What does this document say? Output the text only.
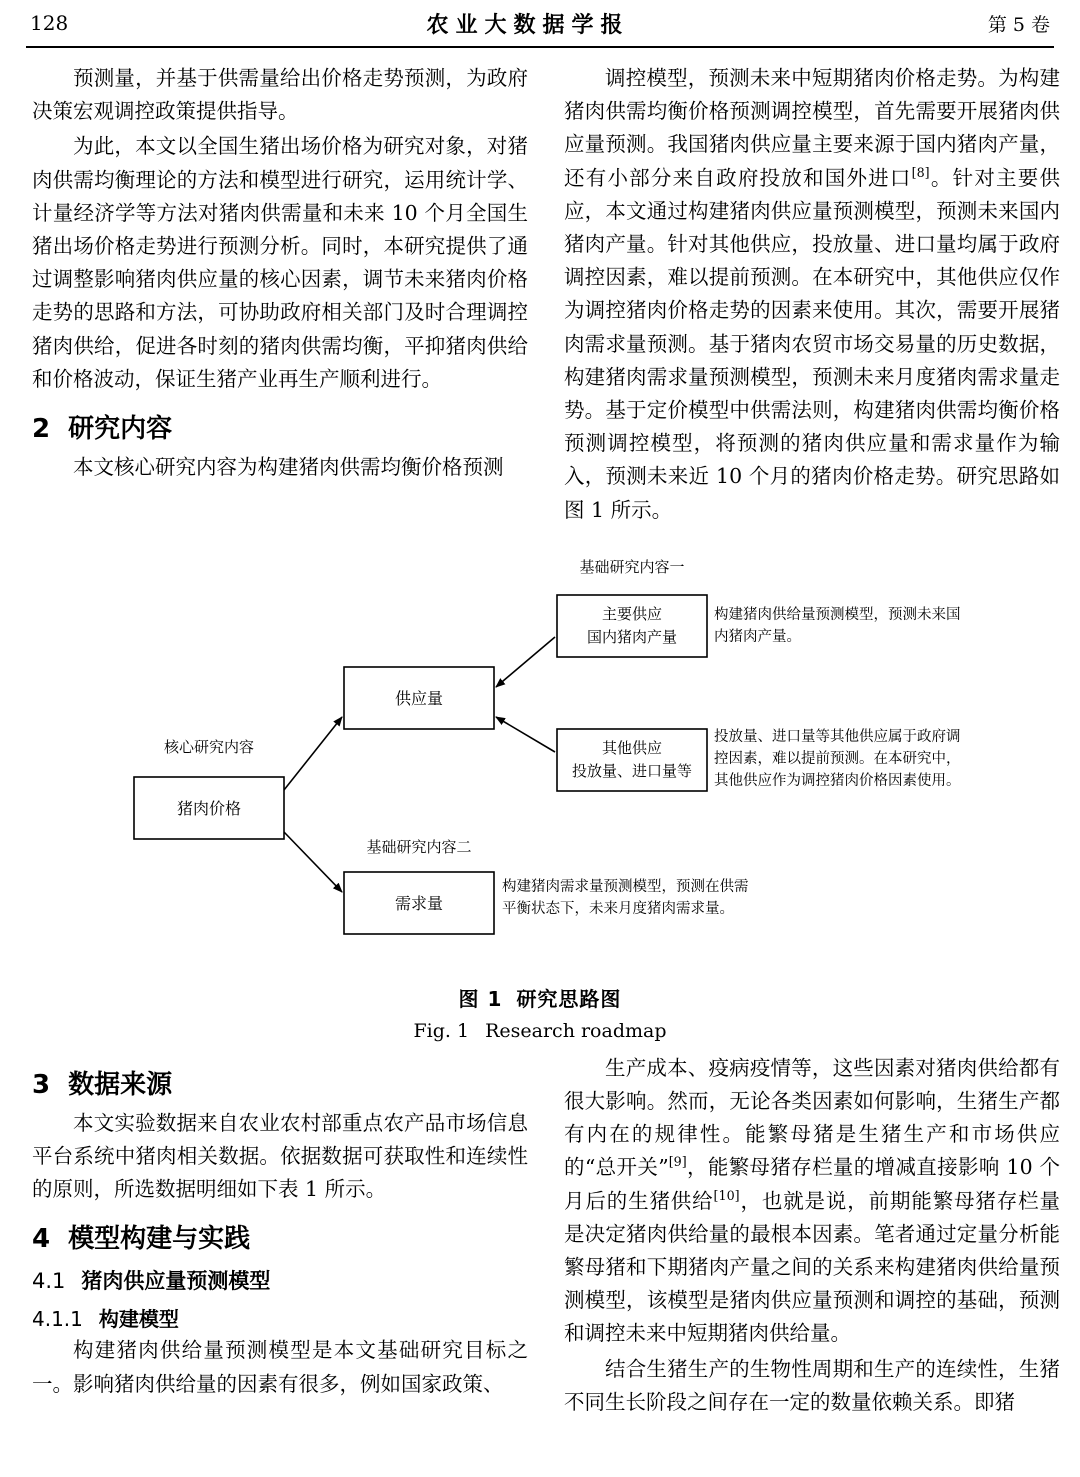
128	农业大数据学报	第 5 卷

预测量，并基于供需量给出价格走势预测，为政府决策宏观调控政策提供指导。

为此，本文以全国生猪出场价格为研究对象，对猪肉供需均衡理论的方法和模型进行研究，运用统计学、计量经济学等方法对猪肉供需量和未来 10 个月全国生猪出场价格走势进行预测分析。同时，本研究提供了通过调整影响猪肉供应量的核心因素，调节未来猪肉价格走势的思路和方法，可协助政府相关部门及时合理调控猪肉供给，促进各时刻的猪肉供需均衡，平抑猪肉供给和价格波动，保证生猪产业再生产顺利进行。

2 研究内容

本文核心研究内容为构建猪肉供需均衡价格预测

调控模型，预测未来中短期猪肉价格走势。为构建猪肉供需均衡价格预测调控模型，首先需要开展猪肉供应量预测。我国猪肉供应量主要来源于国内猪肉产量，还有小部分来自政府投放和国外进口[8]。针对主要供应，本文通过构建猪肉供应量预测模型，预测未来国内猪肉产量。针对其他供应，投放量、进口量均属于政府调控因素，难以提前预测。在本研究中，其他供应仅作为调控猪肉价格走势的因素来使用。其次，需要开展猪肉需求量预测。基于猪肉农贸市场交易量的历史数据，构建猪肉需求量预测模型，预测未来月度猪肉需求量走势。基于定价模型中供需法则，构建猪肉供需均衡价格预测调控模型，将预测的猪肉供应量和需求量作为输入，预测未来近 10 个月的猪肉价格走势。研究思路如图 1 所示。

猪肉价格
核心研究内容
供应量
需求量
基础研究内容二
主要供应
国内猪肉产量
基础研究内容一
其他供应
投放量、进口量等
构建猪肉供给量预测模型，预测未来国
内猪肉产量。
投放量、进口量等其他供应属于政府调
控因素，难以提前预测。在本研究中，
其他供应作为调控猪肉价格因素使用。
构建猪肉需求量预测模型，预测在供需
平衡状态下，未来月度猪肉需求量。
图 1 研究思路图
Fig. 1 Research roadmap
3 数据来源

本文实验数据来自农业农村部重点农产品市场信息平台系统中猪肉相关数据。依据数据可获取性和连续性的原则，所选数据明细如下表 1 所示。

4 模型构建与实践
4.1 猪肉供应量预测模型
4.1.1 构建模型

构建猪肉供给量预测模型是本文基础研究目标之一。影响猪肉供给量的因素有很多，例如国家政策、

生产成本、疫病疫情等，这些因素对猪肉供给都有很大影响。然而，无论各类因素如何影响，生猪生产都有内在的规律性。能繁母猪是生猪生产和市场供应的“总开关”[9]，能繁母猪存栏量的增减直接影响 10 个月后的生猪供给[10]，也就是说，前期能繁母猪存栏量是决定猪肉供给量的最根本因素。笔者通过定量分析能繁母猪和下期猪肉产量之间的关系来构建猪肉供给量预测模型，该模型是猪肉供应量预测和调控的基础，预测和调控未来中短期猪肉供给量。

结合生猪生产的生物性周期和生产的连续性，生猪不同生长阶段之间存在一定的数量依赖关系。即猪
